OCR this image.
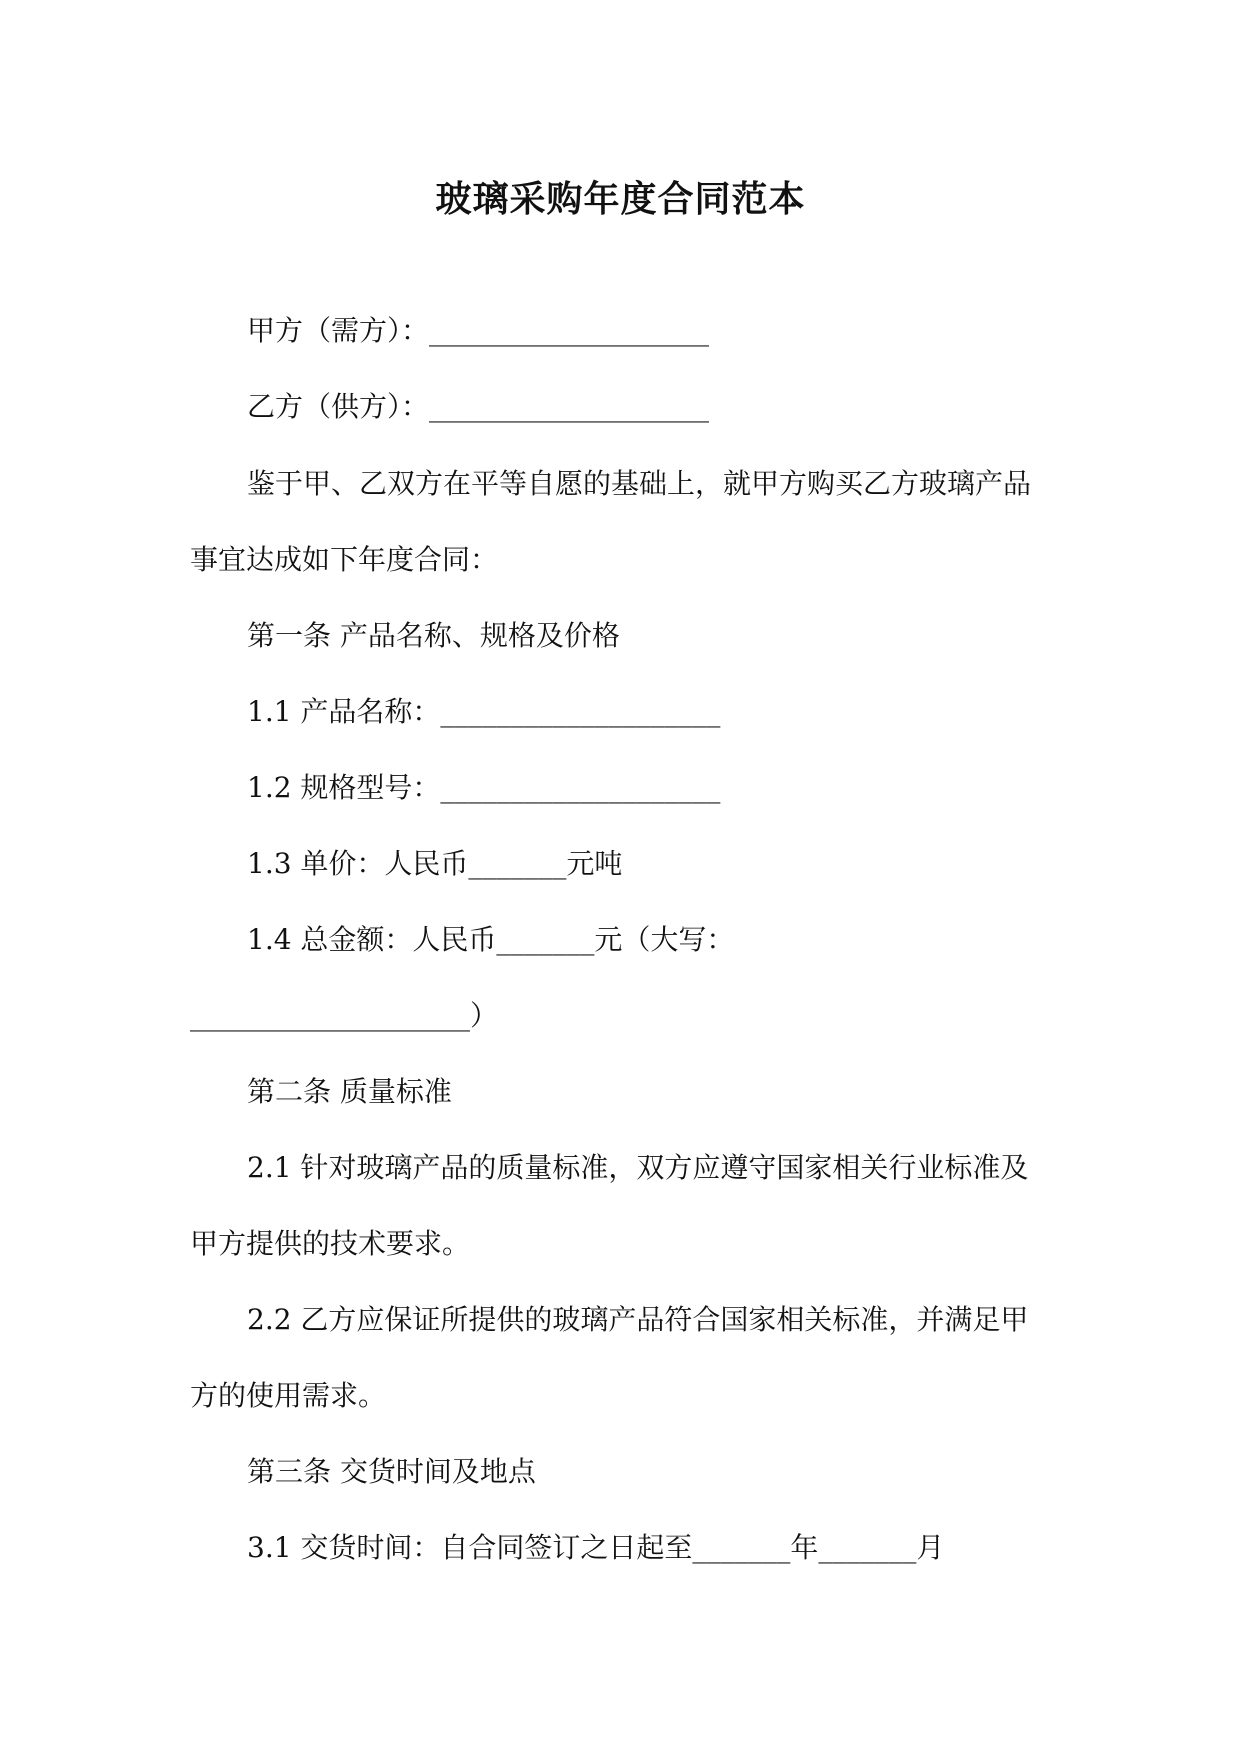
玻璃采购年度合同范本
甲方（需方）：____________________
乙方（供方）：____________________
鉴于甲、乙双方在平等自愿的基础上，就甲方购买乙方玻璃产品
事宜达成如下年度合同：
第一条 产品名称、规格及价格
1.1 产品名称：____________________
1.2 规格型号：____________________
1.3 单价：人民币_______元吨
1.4 总金额：人民币_______元（大写：
____________________）
第二条 质量标准
2.1 针对玻璃产品的质量标准，双方应遵守国家相关行业标准及
甲方提供的技术要求。
2.2 乙方应保证所提供的玻璃产品符合国家相关标准，并满足甲
方的使用需求。
第三条 交货时间及地点
3.1 交货时间：自合同签订之日起至_______年_______月
